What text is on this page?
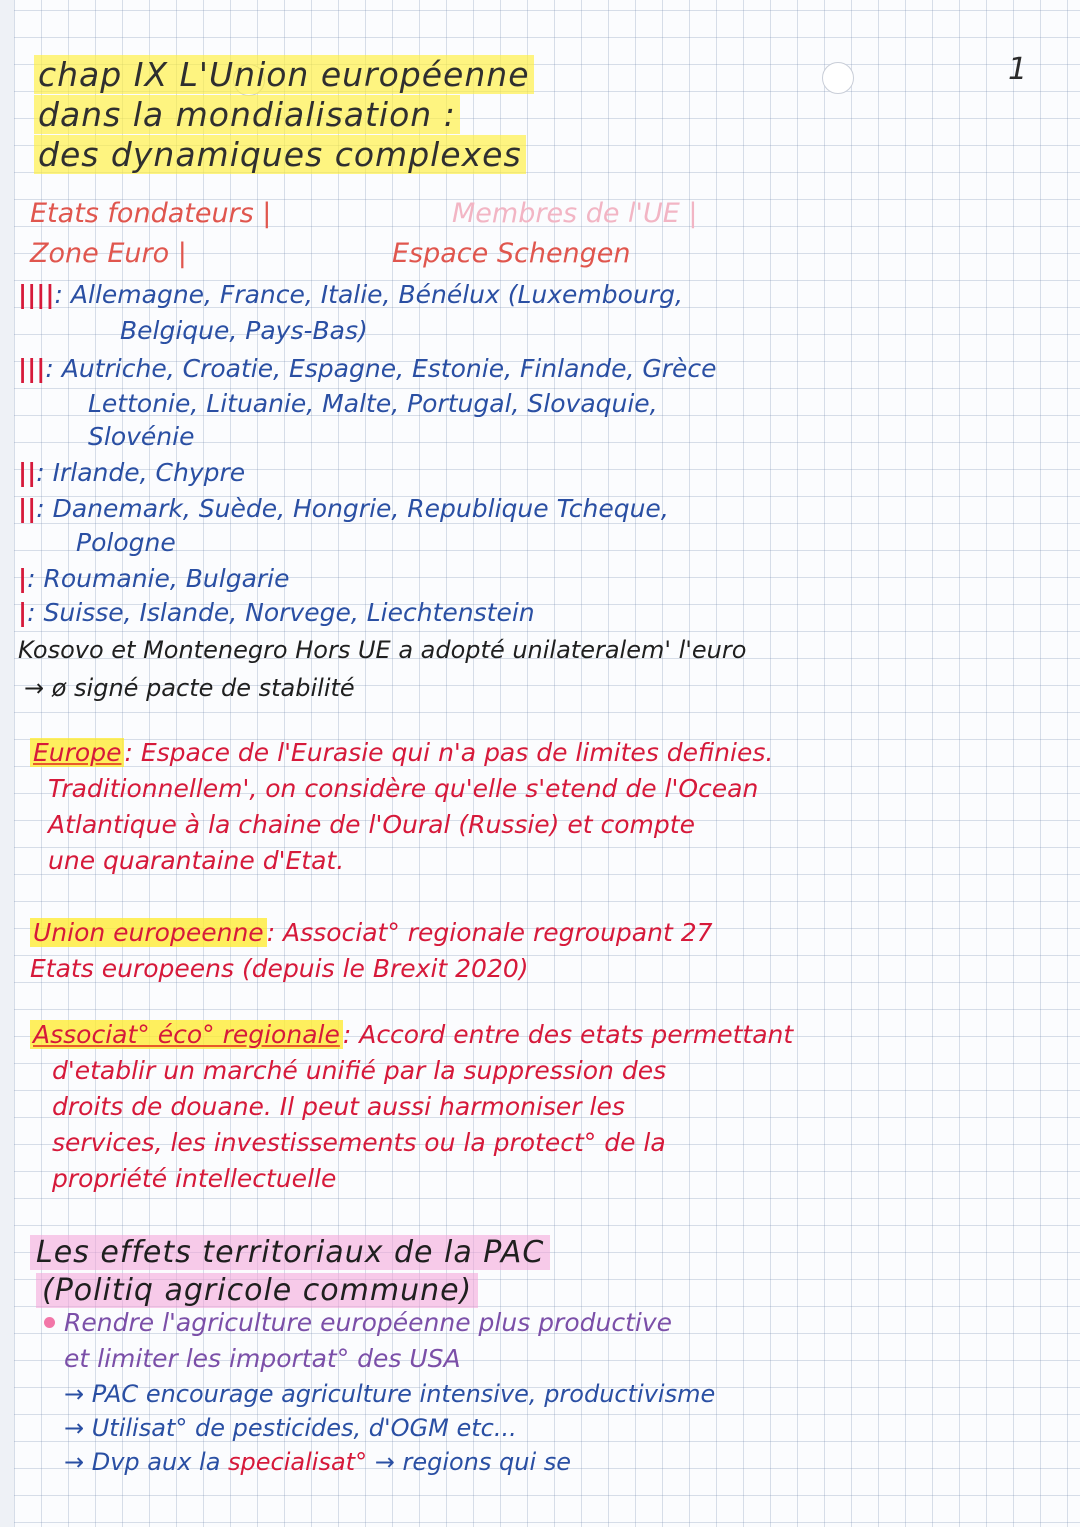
1
chap IX L'Union européenne
dans la mondialisation :
des dynamiques complexes
Etats fondateurs |	Membres de l'UE |
Zone Euro |	Espace Schengen
||||: Allemagne, France, Italie, Bénélux (Luxembourg,
Belgique, Pays-Bas)
|||: Autriche, Croatie, Espagne, Estonie, Finlande, Grèce
Lettonie, Lituanie, Malte, Portugal, Slovaquie,
Slovénie
||: Irlande, Chypre
||: Danemark, Suède, Hongrie, Republique Tcheque,
Pologne
|: Roumanie, Bulgarie
|: Suisse, Islande, Norvege, Liechtenstein
Kosovo et Montenegro Hors UE a adopté unilateralem' l'euro
→ ø signé pacte de stabilité
Europe : Espace de l'Eurasie qui n'a pas de limites definies.
Traditionnellem', on considère qu'elle s'etend de l'Ocean
Atlantique à la chaine de l'Oural (Russie) et compte
une quarantaine d'Etat.
Union europeenne : Associat° regionale regroupant 27
Etats europeens (depuis le Brexit 2020)
Associat° éco° regionale : Accord entre des etats permettant
d'etablir un marché unifié par la suppression des
droits de douane. Il peut aussi harmoniser les
services, les investissements ou la protect° de la
propriété intellectuelle
Les effets territoriaux de la PAC
(Politiq agricole commune)
Rendre l'agriculture européenne plus productive
et limiter les importat° des USA
→ PAC encourage agriculture intensive, productivisme
→ Utilisat° de pesticides, d'OGM etc...
→ Dvp aux la specialisat° → regions qui se
